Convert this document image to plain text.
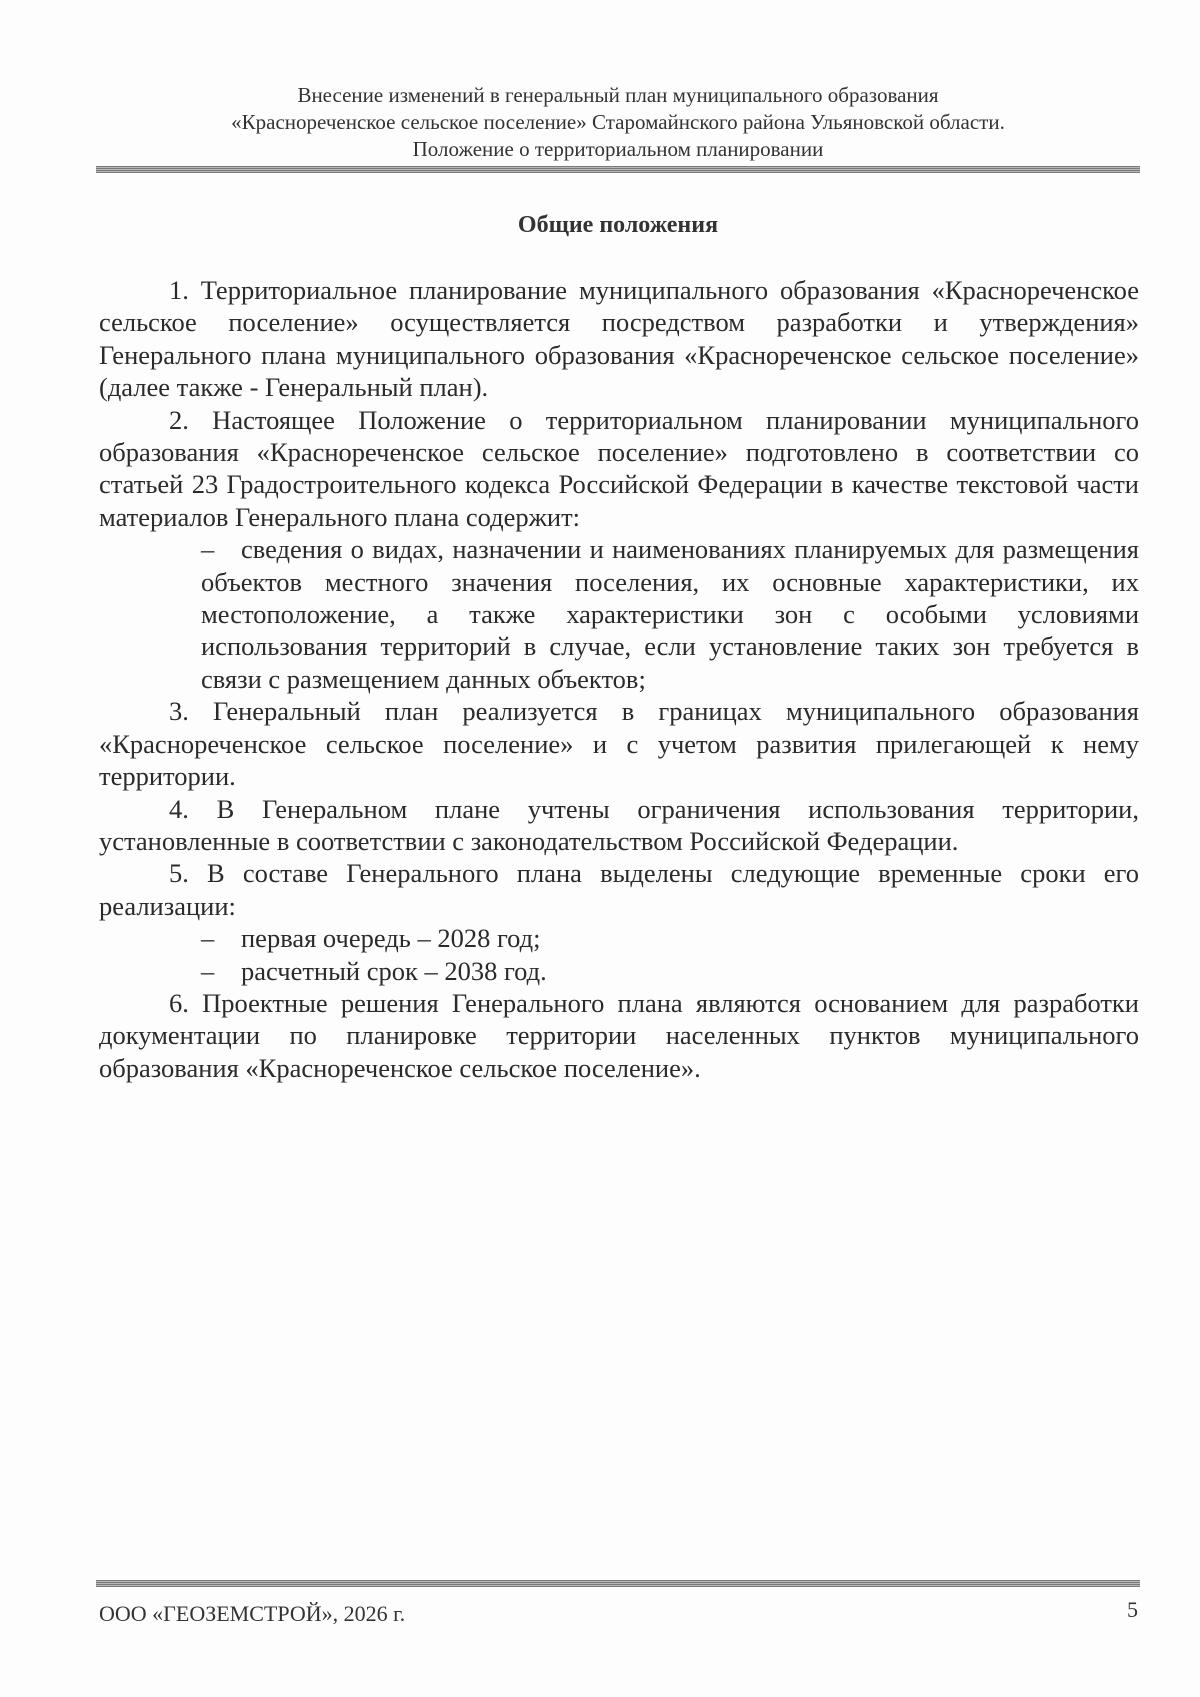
Внесение изменений в генеральный план муниципального образования
«Краснореченское сельское поселение» Старомайнского района Ульяновской области.
Положение о территориальном планировании
Общие положения

1. Территориальное планирование муниципального образования «Краснореченское сельское поселение» осуществляется посредством разработки и утверждения» Генерального плана муниципального образования «Краснореченское сельское поселение» (далее также - Генеральный план).

2. Настоящее Положение о территориальном планировании муниципального образования «Краснореченское сельское поселение» подготовлено в соответствии со статьей 23 Градостроительного кодекса Российской Федерации в качестве текстовой части материалов Генерального плана содержит:

– сведения о видах, назначении и наименованиях планируемых для размещения объектов местного значения поселения, их основные характеристики, их местоположение, а также характеристики зон с особыми условиями использования территорий в случае, если установление таких зон требуется в связи с размещением данных объектов;

3. Генеральный план реализуется в границах муниципального образования «Краснореченское сельское поселение» и с учетом развития прилегающей к нему территории.

4. В Генеральном плане учтены ограничения использования территории, установленные в соответствии с законодательством Российской Федерации.

5. В составе Генерального плана выделены следующие временные сроки его реализации:

– первая очередь – 2028 год;

– расчетный срок – 2038 год.

6. Проектные решения Генерального плана являются основанием для разработки документации по планировке территории населенных пунктов муниципального образования «Краснореченское сельское поселение».

ООО «ГЕОЗЕМСТРОЙ», 2026 г.	5
